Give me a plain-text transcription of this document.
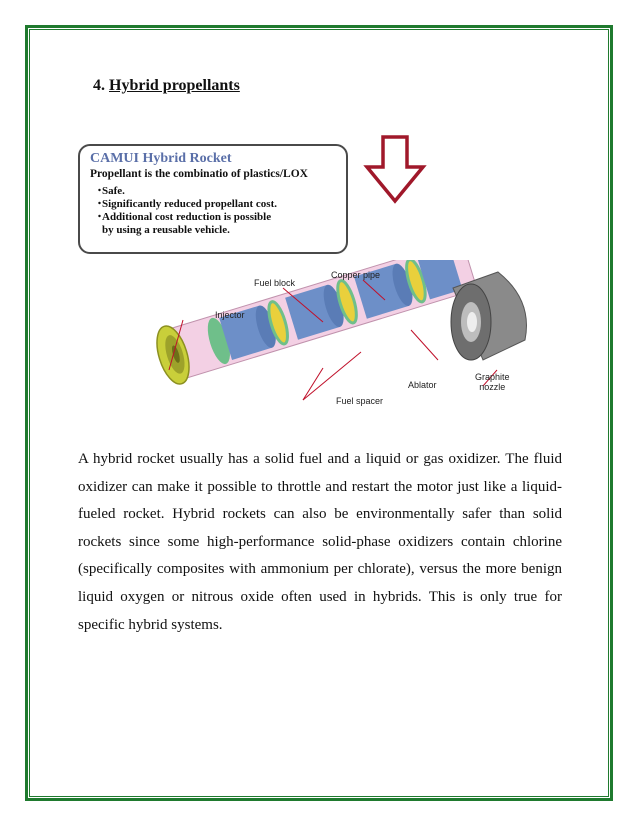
4. Hybrid propellants
CAMUI Hybrid Rocket
Propellant is the combinatio of plastics/LOX
・Safe.
・Significantly reduced propellant cost.
・Additional cost reduction is possible
by using a reusable vehicle.
Copper pipe
Fuel block
Injector
Ablator
Graphite
nozzle
Fuel spacer

A hybrid rocket usually has a solid fuel and a liquid or gas oxidizer. The fluid oxidizer can make it possible to throttle and restart the motor just like a liquid-fueled rocket. Hybrid rockets can also be environmentally safer than solid rockets since some high-performance solid-phase oxidizers contain chlorine (specifically composites with ammonium per chlorate), versus the more benign liquid oxygen or nitrous oxide often used in hybrids. This is only true for specific hybrid systems.
